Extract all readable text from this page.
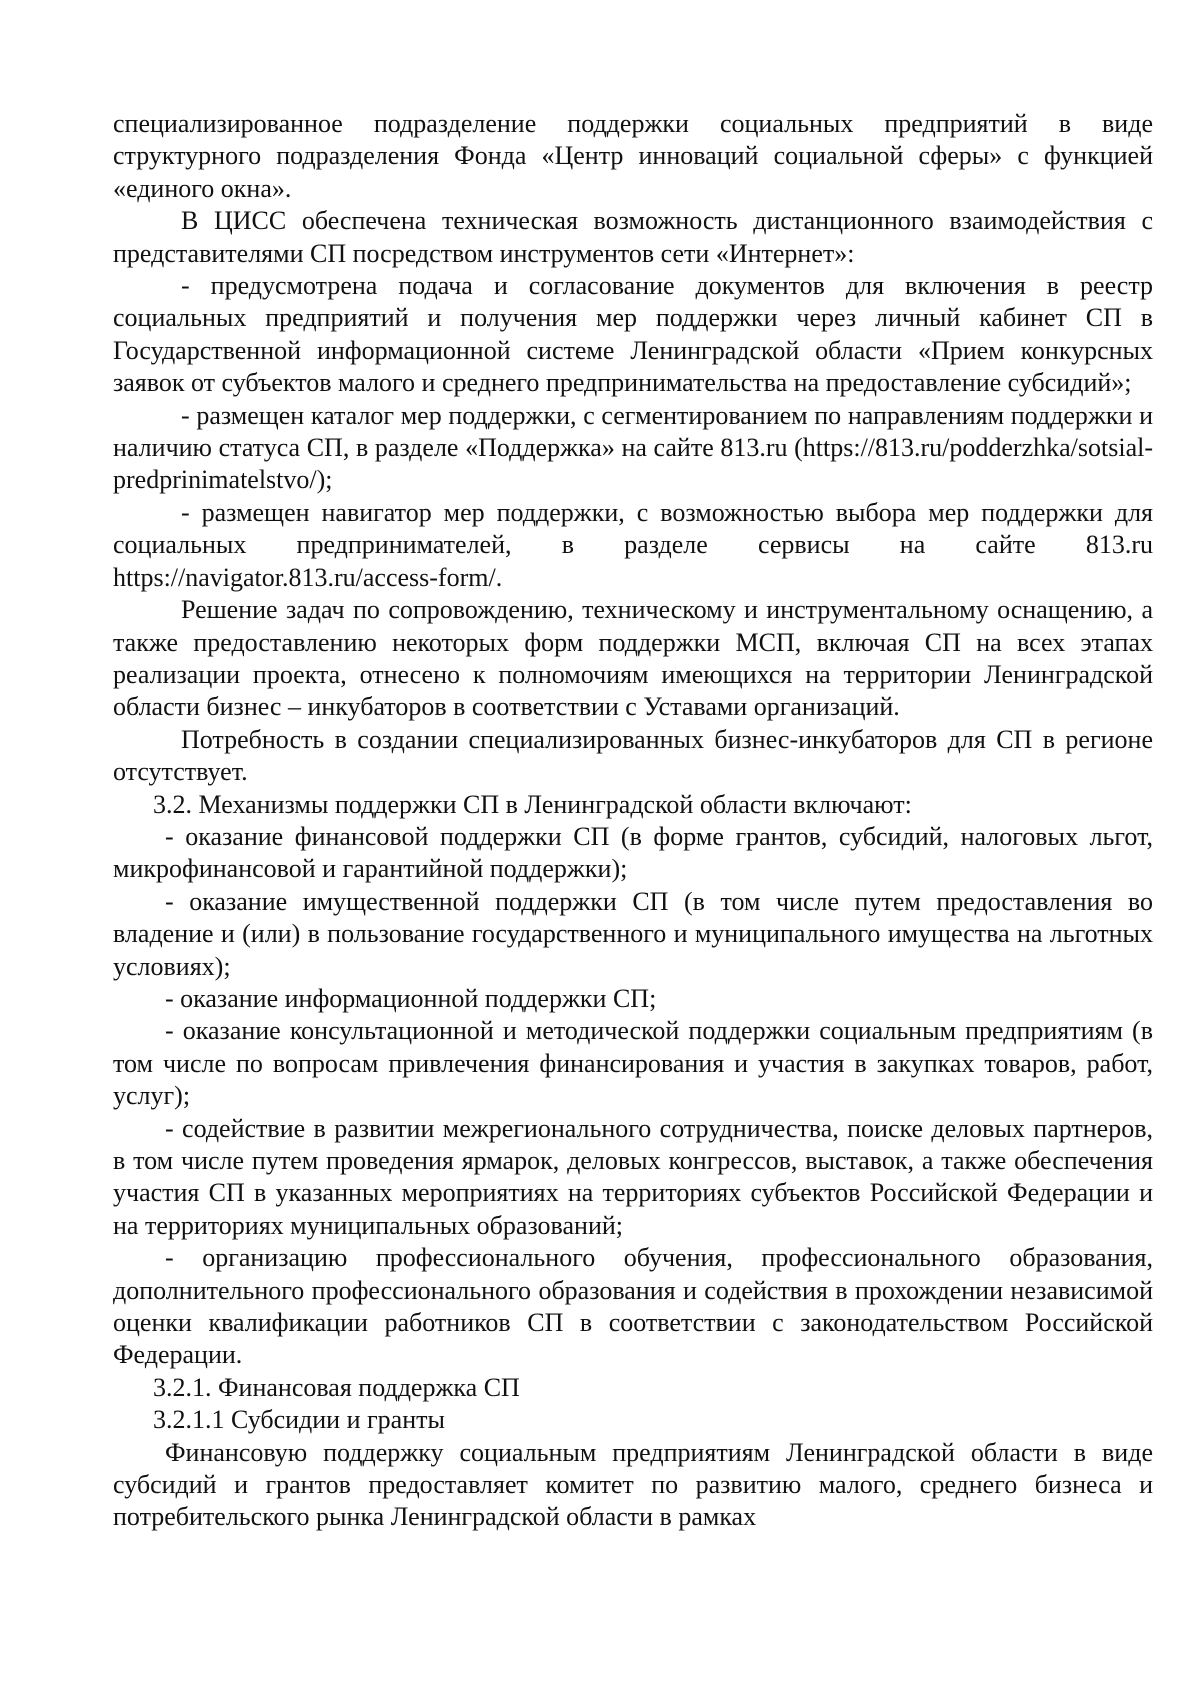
специализированное подразделение поддержки социальных предприятий в виде структурного подразделения Фонда «Центр инноваций социальной сферы» с функцией «единого окна».

В ЦИСС обеспечена техническая возможность дистанционного взаимодействия с представителями СП посредством инструментов сети «Интернет»:

- предусмотрена подача и согласование документов для включения в реестр социальных предприятий и получения мер поддержки через личный кабинет СП в Государственной информационной системе Ленинградской области «Прием конкурсных заявок от субъектов малого и среднего предпринимательства на предоставление субсидий»;

- размещен каталог мер поддержки, с сегментированием по направлениям поддержки и наличию статуса СП, в разделе «Поддержка» на сайте 813.ru (https://813.ru/podderzhka/sotsial-predprinimatelstvo/);

- размещен навигатор мер поддержки, с возможностью выбора мер поддержки для социальных предпринимателей, в разделе сервисы на сайте 813.ru https://navigator.813.ru/access-form/.

Решение задач по сопровождению, техническому и инструментальному оснащению, а также предоставлению некоторых форм поддержки МСП, включая СП на всех этапах реализации проекта, отнесено к полномочиям имеющихся на территории Ленинградской области бизнес – инкубаторов в соответствии с Уставами организаций.

Потребность в создании специализированных бизнес-инкубаторов для СП в регионе отсутствует.

3.2. Механизмы поддержки СП в Ленинградской области включают:

- оказание финансовой поддержки СП (в форме грантов, субсидий, налоговых льгот, микрофинансовой и гарантийной поддержки);

- оказание имущественной поддержки СП (в том числе путем предоставления во владение и (или) в пользование государственного и муниципального имущества на льготных условиях);

- оказание информационной поддержки СП;

- оказание консультационной и методической поддержки социальным предприятиям (в том числе по вопросам привлечения финансирования и участия в закупках товаров, работ, услуг);

- содействие в развитии межрегионального сотрудничества, поиске деловых партнеров, в том числе путем проведения ярмарок, деловых конгрессов, выставок, а также обеспечения участия СП в указанных мероприятиях на территориях субъектов Российской Федерации и на территориях муниципальных образований;

- организацию профессионального обучения, профессионального образования, дополнительного профессионального образования и содействия в прохождении независимой оценки квалификации работников СП в соответствии с законодательством Российской Федерации.

3.2.1. Финансовая поддержка СП

3.2.1.1 Субсидии и гранты

Финансовую поддержку социальным предприятиям Ленинградской области в виде субсидий и грантов предоставляет комитет по развитию малого, среднего бизнеса и потребительского рынка Ленинградской области в рамках
